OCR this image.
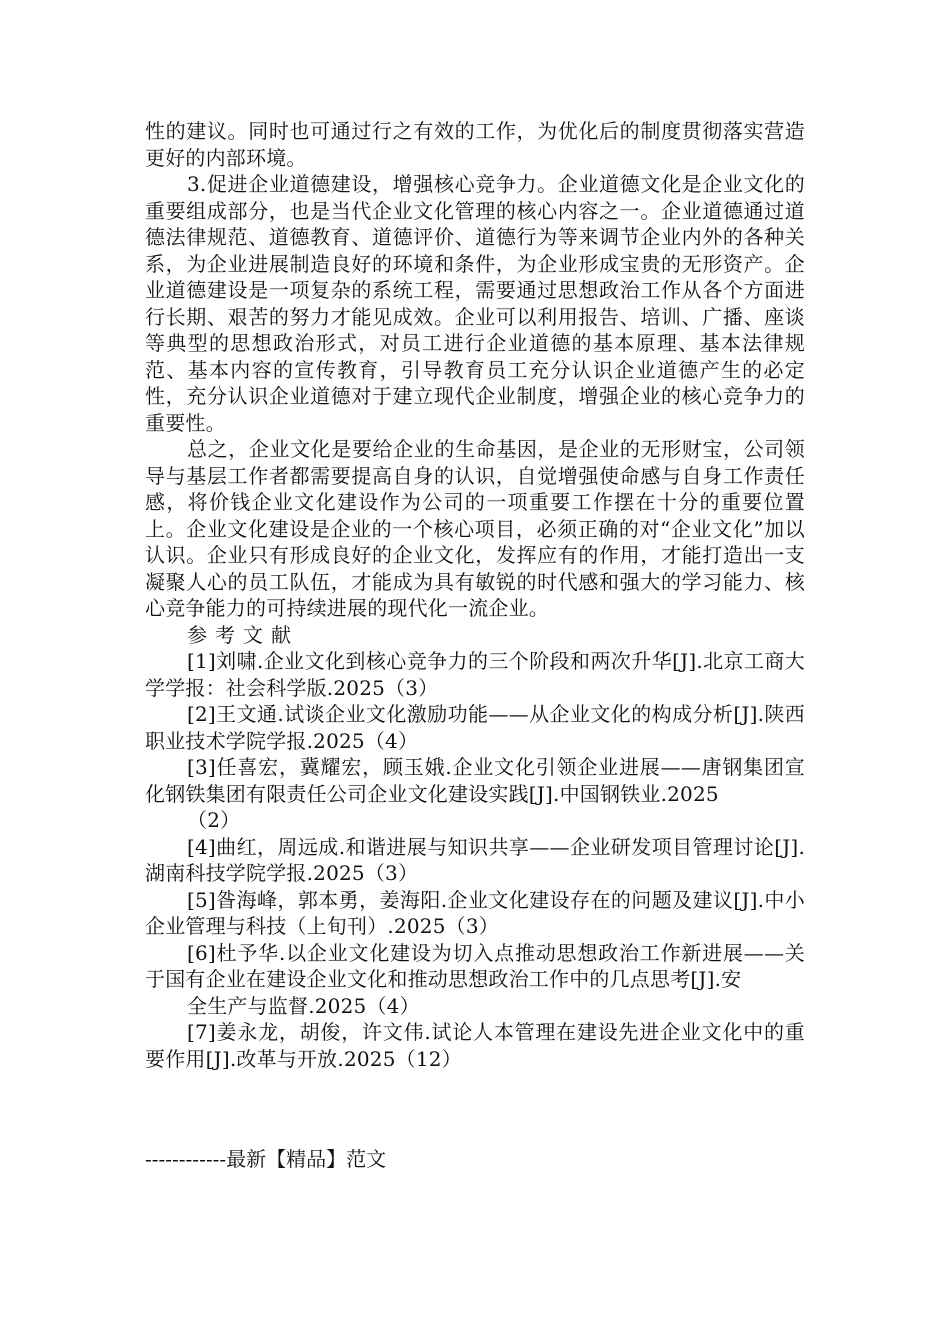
性的建议。同时也可通过行之有效的工作，为优化后的制度贯彻落实营造更好的内部环境。

3.促进企业道德建设，增强核心竞争力。企业道德文化是企业文化的重要组成部分，也是当代企业文化管理的核心内容之一。企业道德通过道德法律规范、道德教育、道德评价、道德行为等来调节企业内外的各种关系，为企业进展制造良好的环境和条件，为企业形成宝贵的无形资产。企业道德建设是一项复杂的系统工程，需要通过思想政治工作从各个方面进行长期、艰苦的努力才能见成效。企业可以利用报告、培训、广播、座谈等典型的思想政治形式，对员工进行企业道德的基本原理、基本法律规范、基本内容的宣传教育，引导教育员工充分认识企业道德产生的必定性，充分认识企业道德对于建立现代企业制度，增强企业的核心竞争力的重要性。

总之，企业文化是要给企业的生命基因，是企业的无形财宝，公司领导与基层工作者都需要提高自身的认识，自觉增强使命感与自身工作责任感，将价钱企业文化建设作为公司的一项重要工作摆在十分的重要位置上。企业文化建设是企业的一个核心项目，必须正确的对“企业文化”加以认识。企业只有形成良好的企业文化，发挥应有的作用，才能打造出一支凝聚人心的员工队伍，才能成为具有敏锐的时代感和强大的学习能力、核心竞争能力的可持续进展的现代化一流企业。

参考文献

[1]刘啸.企业文化到核心竞争力的三个阶段和两次升华[J].北京工商大学学报：社会科学版.2025（3）

[2]王文通.试谈企业文化激励功能——从企业文化的构成分析[J].陕西职业技术学院学报.2025（4）

[3]任喜宏，冀耀宏，顾玉娥.企业文化引领企业进展——唐钢集团宣化钢铁集团有限责任公司企业文化建设实践[J].中国钢铁业.2025

（2）

[4]曲红，周远成.和谐进展与知识共享——企业研发项目管理讨论[J].湖南科技学院学报.2025（3）

[5]昝海峰，郭本勇，姜海阳.企业文化建设存在的问题及建议[J].中小企业管理与科技（上旬刊）.2025（3）

[6]杜予华.以企业文化建设为切入点推动思想政治工作新进展——关于国有企业在建设企业文化和推动思想政治工作中的几点思考[J].安

全生产与监督.2025（4）

[7]姜永龙，胡俊，许文伟.试论人本管理在建设先进企业文化中的重要作用[J].改革与开放.2025（12）

------------最新【精品】范文
